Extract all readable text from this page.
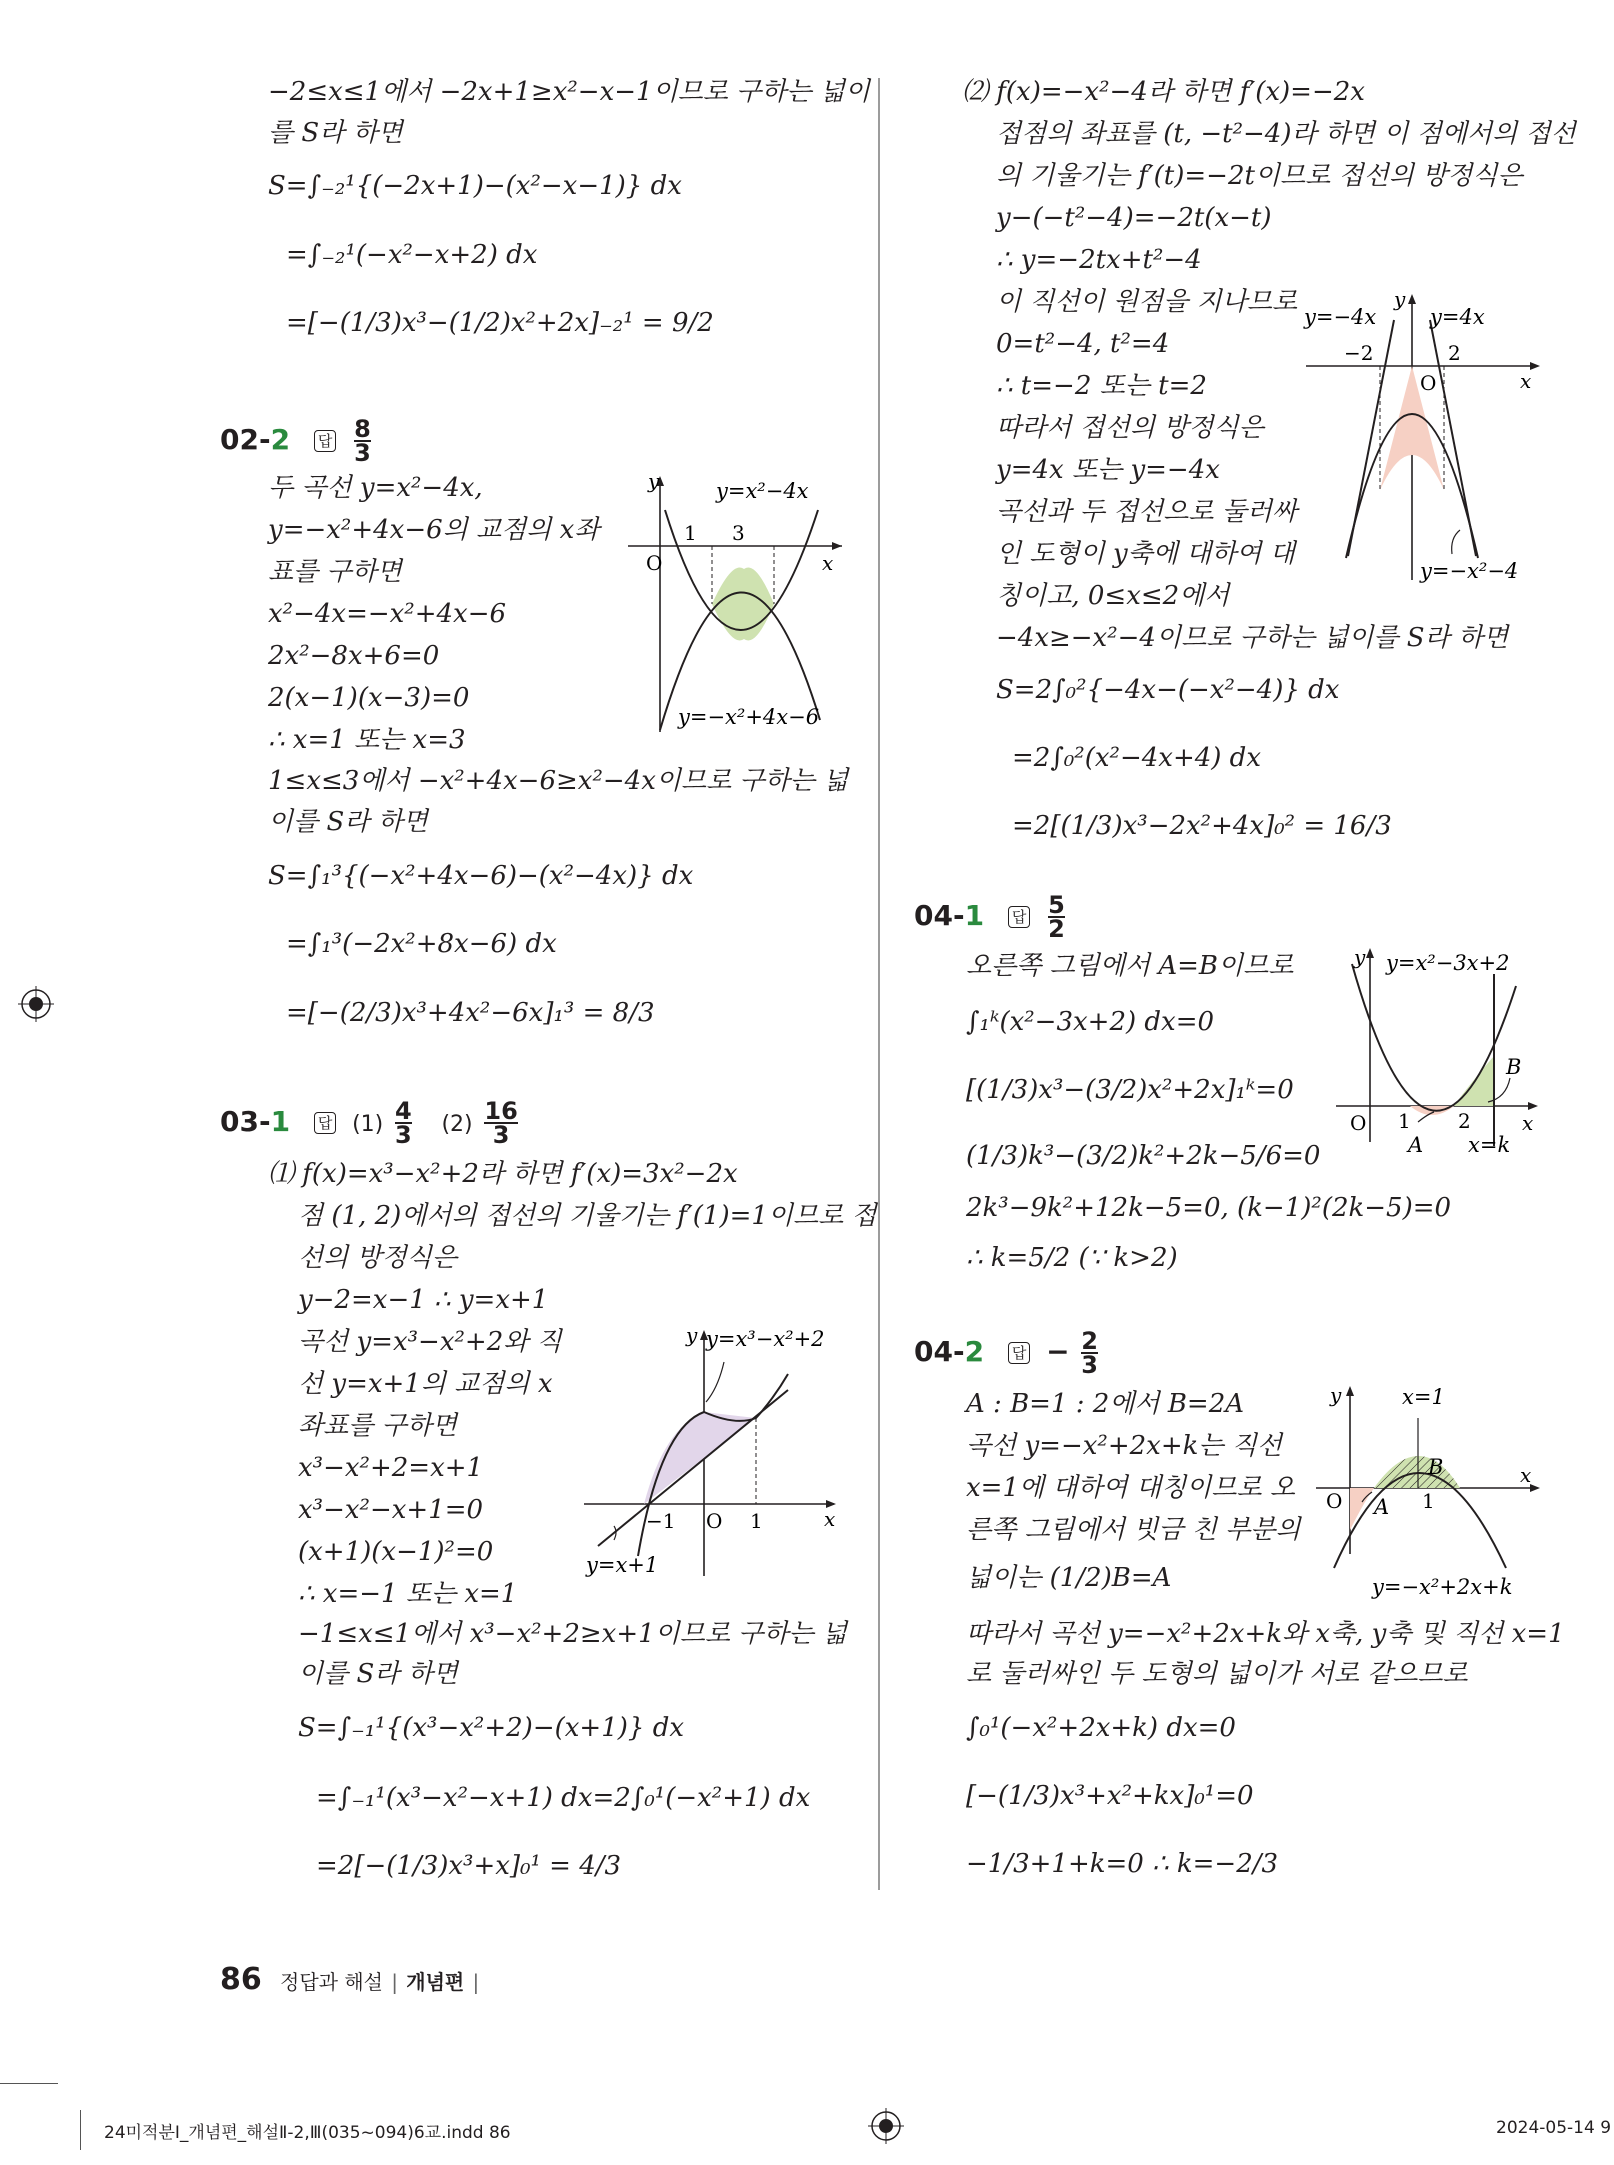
−2≤x≤1에서 −2x+1≥x²−x−1이므로 구하는 넓이
를 S라 하면
S=∫₋₂¹{(−2x+1)−(x²−x−1)} dx
=∫₋₂¹(−x²−x+2) dx
=[−(1/3)x³−(1/2)x²+2x]₋₂¹ = 9/2
02-2 답 $\frac{8}{3}$
두 곡선 y=x²−4x,
y=−x²+4x−6의 교점의 x좌
표를 구하면
x²−4x=−x²+4x−6
2x²−8x+6=0
2(x−1)(x−3)=0
∴ x=1 또는 x=3
1≤x≤3에서 −x²+4x−6≥x²−4x이므로 구하는 넓
이를 S라 하면
S=∫₁³{(−x²+4x−6)−(x²−4x)} dx
=∫₁³(−2x²+8x−6) dx
=[−(2/3)x³+4x²−6x]₁³ = 8/3
y
x
O
1 3
y=x²−4x
y=−x²+4x−6
03-1 답 $(1) \frac{4}{3} (2) \frac{16}{3}$
⑴ f(x)=x³−x²+2라 하면 f′(x)=3x²−2x
점 (1, 2)에서의 접선의 기울기는 f′(1)=1이므로 접
선의 방정식은
y−2=x−1 ∴ y=x+1
곡선 y=x³−x²+2와 직
선 y=x+1의 교점의 x
좌표를 구하면
x³−x²+2=x+1
x³−x²−x+1=0
(x+1)(x−1)²=0
∴ x=−1 또는 x=1
−1≤x≤1에서 x³−x²+2≥x+1이므로 구하는 넓
이를 S라 하면
S=∫₋₁¹{(x³−x²+2)−(x+1)} dx
=∫₋₁¹(x³−x²−x+1) dx=2∫₀¹(−x²+1) dx
=2[−(1/3)x³+x]₀¹ = 4/3
y
x
O
−1	1
y=x³−x²+2
y=x+1
⑵ f(x)=−x²−4라 하면 f′(x)=−2x
접점의 좌표를 (t, −t²−4)라 하면 이 점에서의 접선
의 기울기는 f′(t)=−2t이므로 접선의 방정식은
y−(−t²−4)=−2t(x−t)
∴ y=−2tx+t²−4
이 직선이 원점을 지나므로
0=t²−4, t²=4
∴ t=−2 또는 t=2
따라서 접선의 방정식은
y=4x 또는 y=−4x
곡선과 두 접선으로 둘러싸
인 도형이 y축에 대하여 대
칭이고, 0≤x≤2에서
−4x≥−x²−4이므로 구하는 넓이를 S라 하면
S=2∫₀²{−4x−(−x²−4)} dx
=2∫₀²(x²−4x+4) dx
=2[(1/3)x³−2x²+4x]₀² = 16/3
y
x
O
−2	2
y=−4x	y=4x
y=−x²−4
04-1 답 $\frac{5}{2}$
오른쪽 그림에서 A=B이므로
∫₁ᵏ(x²−3x+2) dx=0
[(1/3)x³−(3/2)x²+2x]₁ᵏ=0
(1/3)k³−(3/2)k²+2k−5/6=0
2k³−9k²+12k−5=0, (k−1)²(2k−5)=0
∴ k=5/2 (∵ k>2)
y
x
O 1 2
A
B
y=x²−3x+2
x=k
04-2 답 − $\frac{2}{3}$
A : B=1 : 2에서 B=2A
곡선 y=−x²+2x+k는 직선
x=1에 대하여 대칭이므로 오
른쪽 그림에서 빗금 친 부분의
넓이는 (1/2)B=A
따라서 곡선 y=−x²+2x+k와 x축, y축 및 직선 x=1
로 둘러싸인 두 도형의 넓이가 서로 같으므로
∫₀¹(−x²+2x+k) dx=0
[−(1/3)x³+x²+kx]₀¹=0
−1/3+1+k=0 ∴ k=−2/3
y
x
O	1
A
B
x=1
y=−x²+2x+k
86 정답과 해설 | 개념편 |
24미적분Ⅰ_개념편_해설Ⅱ-2,Ⅲ(035~094)6교.indd 86	2024-05-14 9
